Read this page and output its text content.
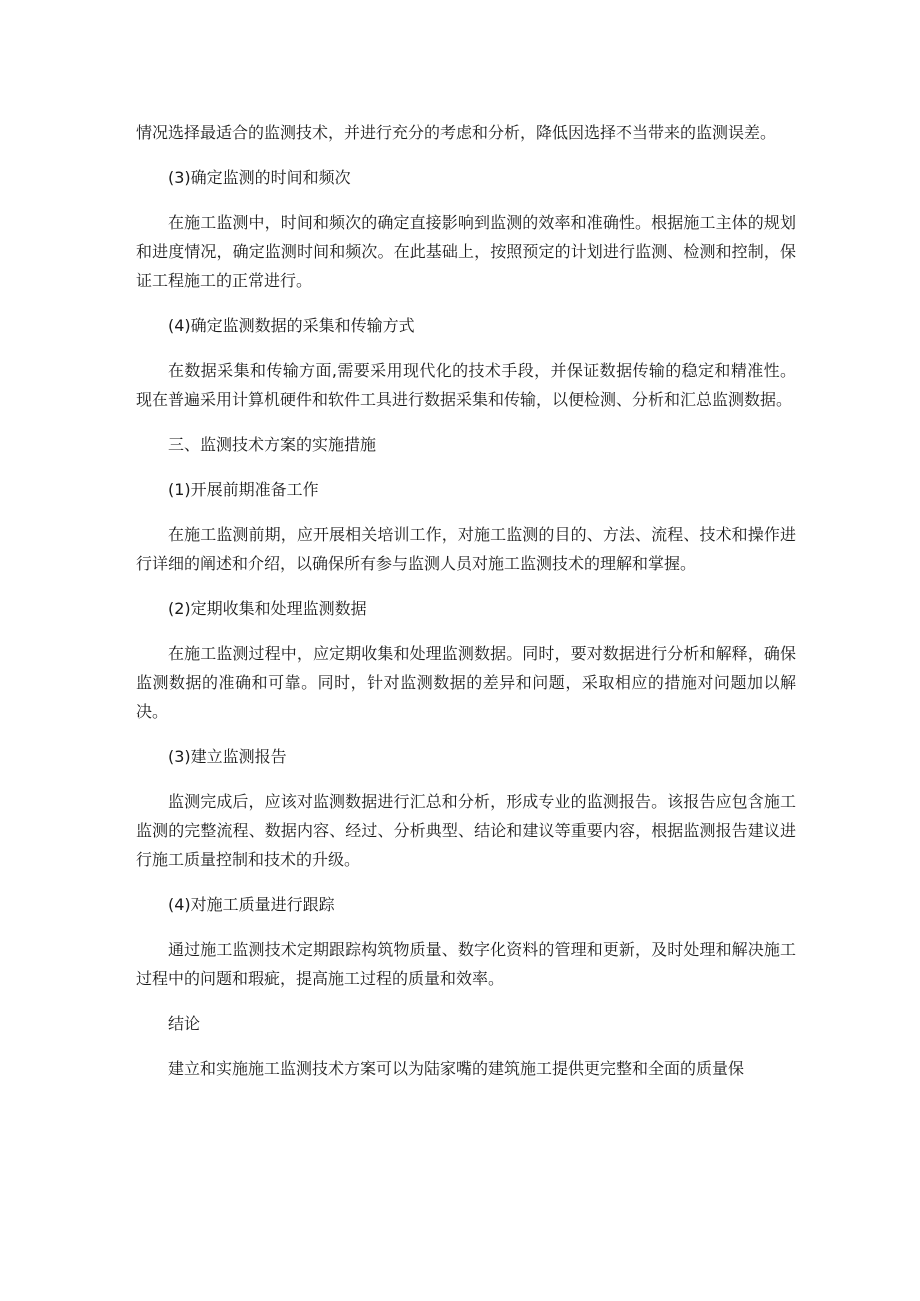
情况选择最适合的监测技术，并进行充分的考虑和分析，降低因选择不当带来的监测误差。

(3)确定监测的时间和频次

在施工监测中，时间和频次的确定直接影响到监测的效率和准确性。根据施工主体的规划和进度情况，确定监测时间和频次。在此基础上，按照预定的计划进行监测、检测和控制，保证工程施工的正常进行。

(4)确定监测数据的采集和传输方式

在数据采集和传输方面,需要采用现代化的技术手段，并保证数据传输的稳定和精准性。现在普遍采用计算机硬件和软件工具进行数据采集和传输，以便检测、分析和汇总监测数据。

三、监测技术方案的实施措施

(1)开展前期准备工作

在施工监测前期，应开展相关培训工作，对施工监测的目的、方法、流程、技术和操作进行详细的阐述和介绍，以确保所有参与监测人员对施工监测技术的理解和掌握。

(2)定期收集和处理监测数据

在施工监测过程中，应定期收集和处理监测数据。同时，要对数据进行分析和解释，确保监测数据的准确和可靠。同时，针对监测数据的差异和问题，采取相应的措施对问题加以解决。

(3)建立监测报告

监测完成后，应该对监测数据进行汇总和分析，形成专业的监测报告。该报告应包含施工监测的完整流程、数据内容、经过、分析典型、结论和建议等重要内容，根据监测报告建议进行施工质量控制和技术的升级。

(4)对施工质量进行跟踪

通过施工监测技术定期跟踪构筑物质量、数字化资料的管理和更新，及时处理和解决施工过程中的问题和瑕疵，提高施工过程的质量和效率。

结论

建立和实施施工监测技术方案可以为陆家嘴的建筑施工提供更完整和全面的质量保
